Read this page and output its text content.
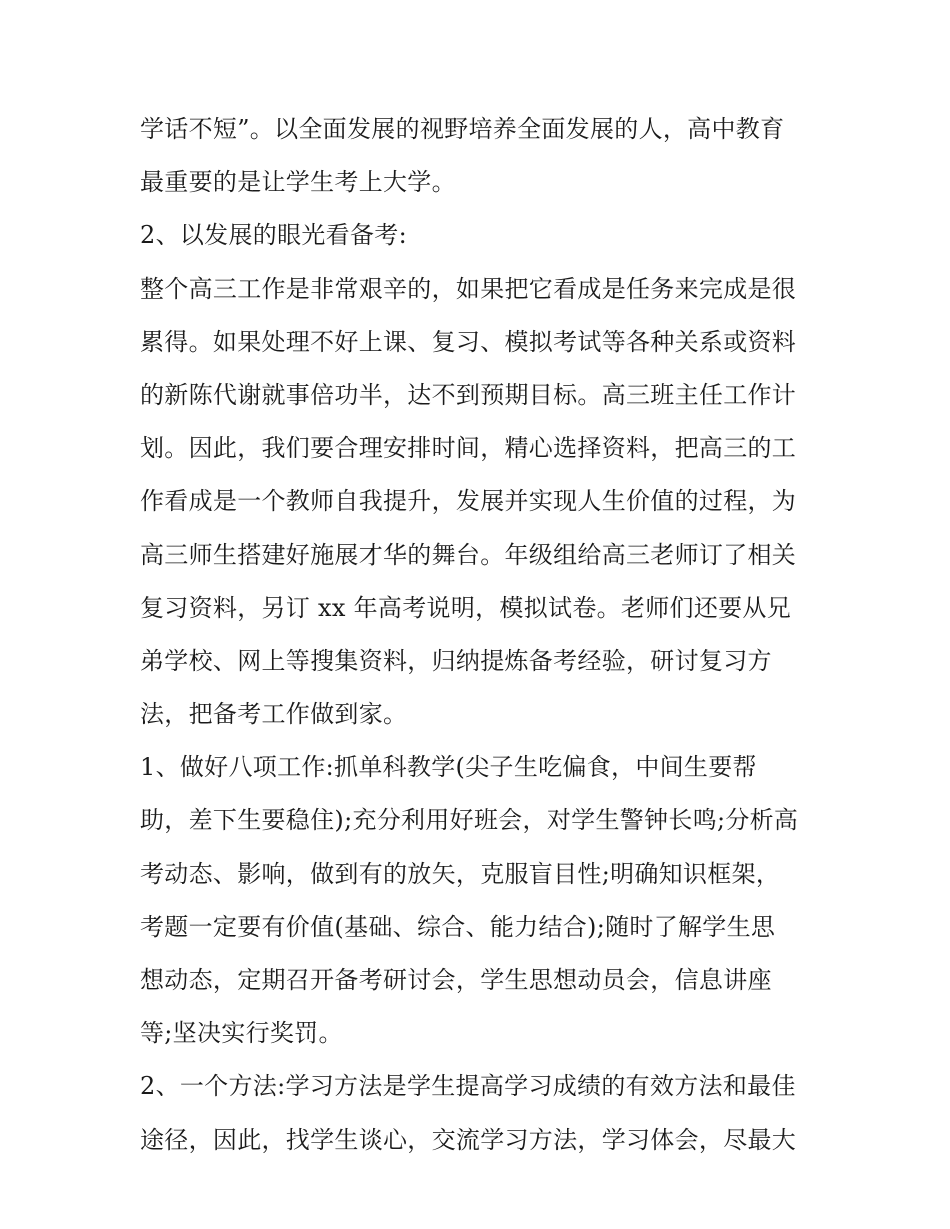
学话不短”。以全面发展的视野培养全面发展的人，高中教育
最重要的是让学生考上大学。
2、以发展的眼光看备考:
整个高三工作是非常艰辛的，如果把它看成是任务来完成是很
累得。如果处理不好上课、复习、模拟考试等各种关系或资料
的新陈代谢就事倍功半，达不到预期目标。高三班主任工作计
划。因此，我们要合理安排时间，精心选择资料，把高三的工
作看成是一个教师自我提升，发展并实现人生价值的过程，为
高三师生搭建好施展才华的舞台。年级组给高三老师订了相关
复习资料，另订 xx 年高考说明，模拟试卷。老师们还要从兄
弟学校、网上等搜集资料，归纳提炼备考经验，研讨复习方
法，把备考工作做到家。
1、做好八项工作:抓单科教学(尖子生吃偏食，中间生要帮
助，差下生要稳住);充分利用好班会，对学生警钟长鸣;分析高
考动态、影响，做到有的放矢，克服盲目性;明确知识框架，
考题一定要有价值(基础、综合、能力结合);随时了解学生思
想动态，定期召开备考研讨会，学生思想动员会，信息讲座
等;坚决实行奖罚。
2、一个方法:学习方法是学生提高学习成绩的有效方法和最佳
途径，因此，找学生谈心，交流学习方法，学习体会，尽最大
